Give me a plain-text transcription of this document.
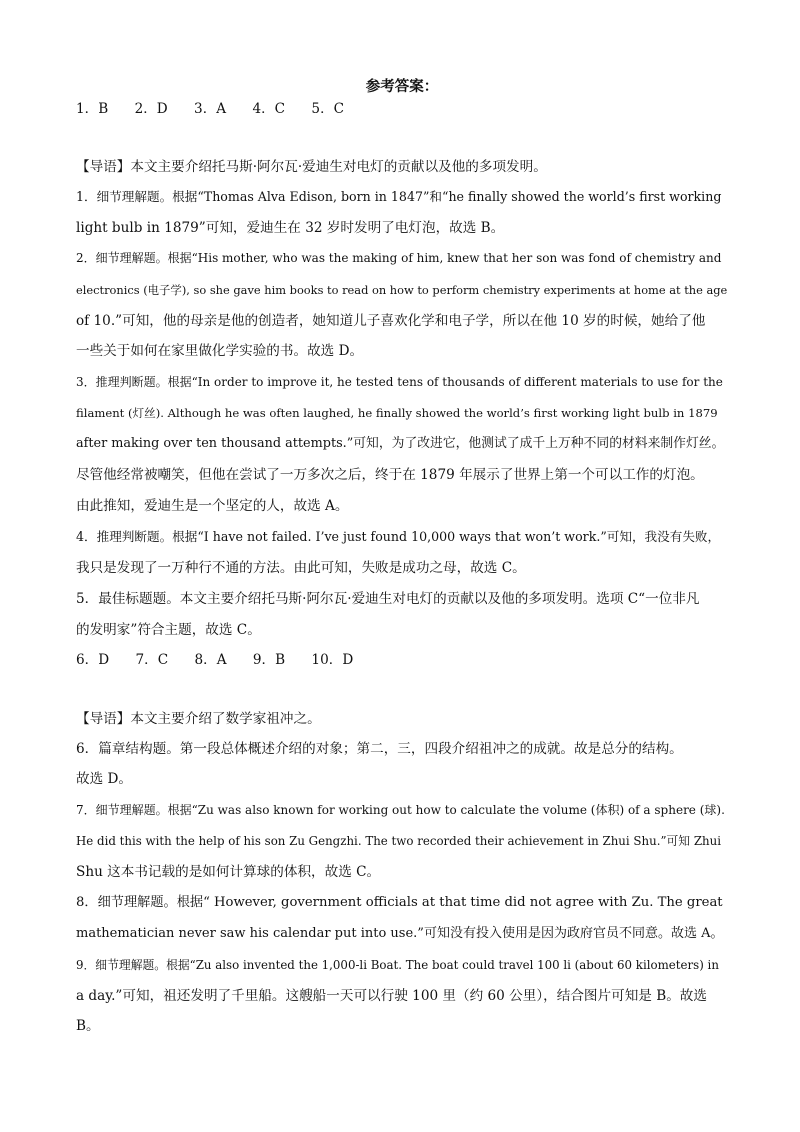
参考答案：
1．B 2．D 3．A 4．C 5．C
【导语】本文主要介绍托马斯·阿尔瓦·爱迪生对电灯的贡献以及他的多项发明。
1．细节理解题。根据“Thomas Alva Edison, born in 1847”和“he finally showed the world’s first working
light bulb in 1879”可知，爱迪生在 32 岁时发明了电灯泡，故选 B。
2．细节理解题。根据“His mother, who was the making of him, knew that her son was fond of chemistry and
electronics (电子学), so she gave him books to read on how to perform chemistry experiments at home at the age
of 10.”可知，他的母亲是他的创造者，她知道儿子喜欢化学和电子学，所以在他 10 岁的时候，她给了他
一些关于如何在家里做化学实验的书。故选 D。
3．推理判断题。根据“In order to improve it, he tested tens of thousands of different materials to use for the
filament (灯丝). Although he was often laughed, he finally showed the world’s first working light bulb in 1879
after making over ten thousand attempts.”可知，为了改进它，他测试了成千上万种不同的材料来制作灯丝。
尽管他经常被嘲笑，但他在尝试了一万多次之后，终于在 1879 年展示了世界上第一个可以工作的灯泡。
由此推知，爱迪生是一个坚定的人，故选 A。
4．推理判断题。根据“I have not failed. I’ve just found 10,000 ways that won’t work.”可知，我没有失败，
我只是发现了一万种行不通的方法。由此可知，失败是成功之母，故选 C。
5．最佳标题题。本文主要介绍托马斯·阿尔瓦·爱迪生对电灯的贡献以及他的多项发明。选项 C“一位非凡
的发明家”符合主题，故选 C。
6．D 7．C 8．A 9．B 10．D
【导语】本文主要介绍了数学家祖冲之。
6．篇章结构题。第一段总体概述介绍的对象；第二，三，四段介绍祖冲之的成就。故是总分的结构。
故选 D。
7．细节理解题。根据“Zu was also known for working out how to calculate the volume (体积) of a sphere (球).
He did this with the help of his son Zu Gengzhi. The two recorded their achievement in Zhui Shu.”可知 Zhui
Shu 这本书记载的是如何计算球的体积，故选 C。
8．细节理解题。根据“ However, government officials at that time did not agree with Zu. The great
mathematician never saw his calendar put into use.”可知没有投入使用是因为政府官员不同意。故选 A。
9．细节理解题。根据“Zu also invented the 1,000-li Boat. The boat could travel 100 li (about 60 kilometers) in
a day.”可知，祖还发明了千里船。这艘船一天可以行驶 100 里（约 60 公里），结合图片可知是 B。故选
B。
